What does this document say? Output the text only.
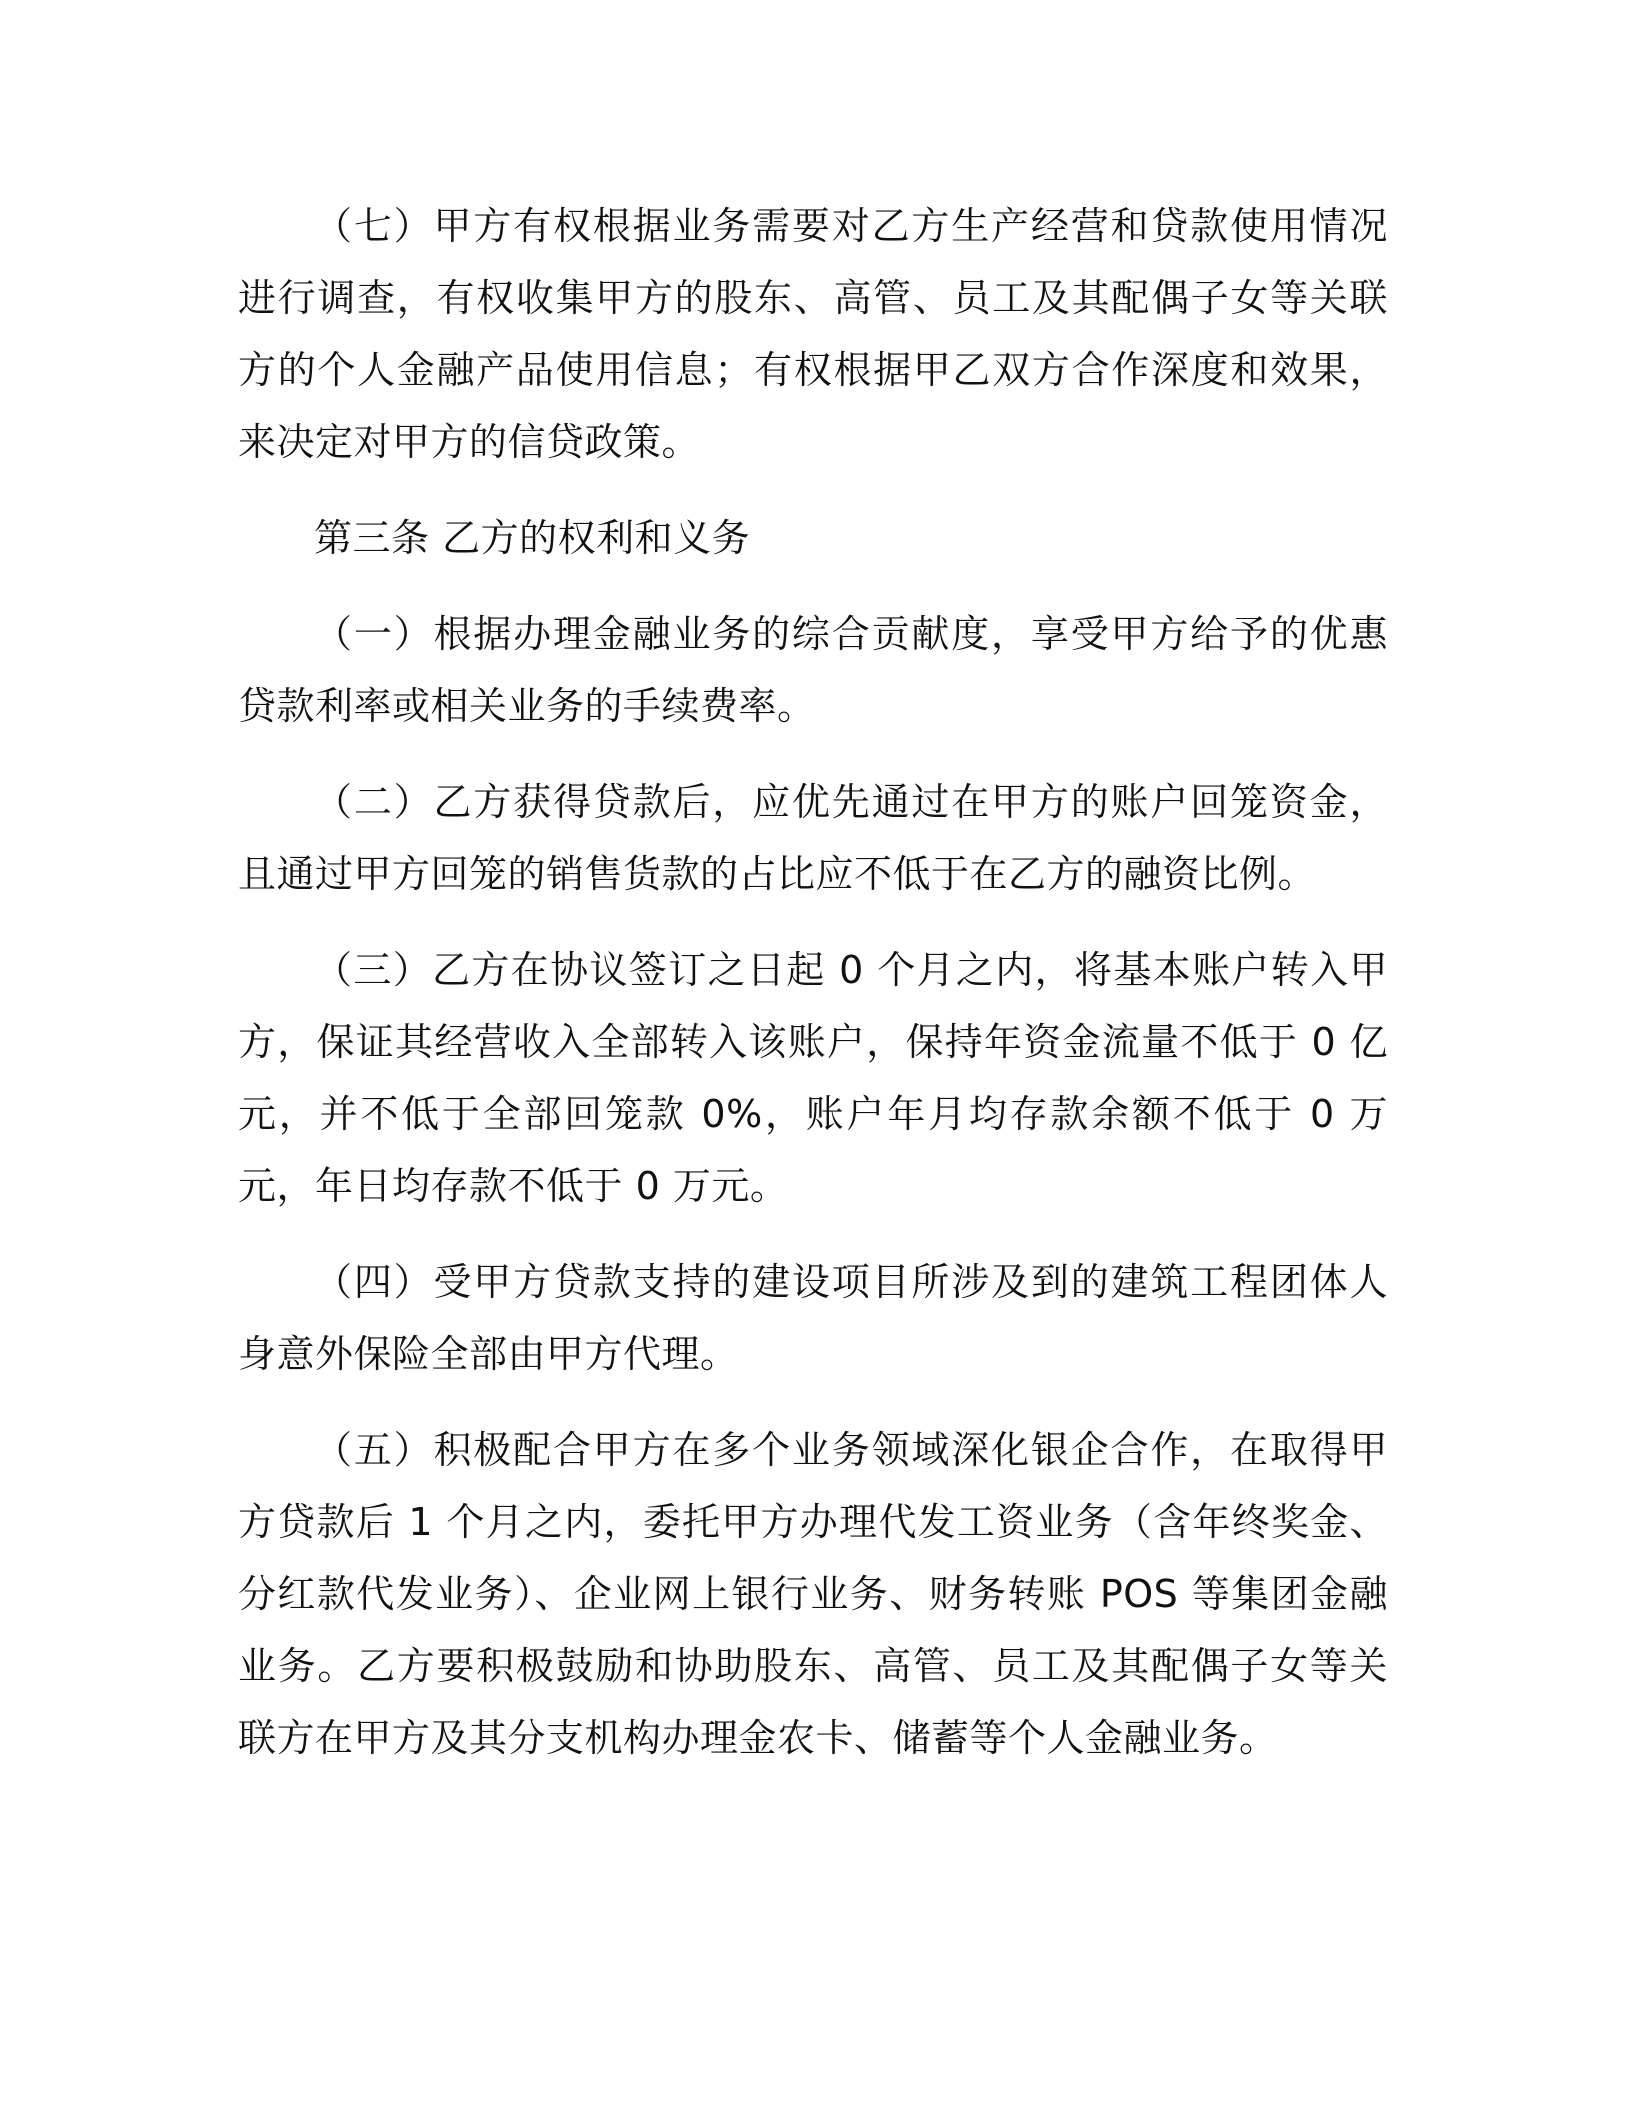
（七）甲方有权根据业务需要对乙方生产经营和贷款使用情况进行调查，有权收集甲方的股东、高管、员工及其配偶子女等关联方的个人金融产品使用信息；有权根据甲乙双方合作深度和效果，来决定对甲方的信贷政策。

第三条 乙方的权利和义务

（一）根据办理金融业务的综合贡献度，享受甲方给予的优惠贷款利率或相关业务的手续费率。

（二）乙方获得贷款后，应优先通过在甲方的账户回笼资金，且通过甲方回笼的销售货款的占比应不低于在乙方的融资比例。

（三）乙方在协议签订之日起 0 个月之内，将基本账户转入甲方，保证其经营收入全部转入该账户，保持年资金流量不低于 0 亿元，并不低于全部回笼款 0%，账户年月均存款余额不低于 0 万元，年日均存款不低于 0 万元。

（四）受甲方贷款支持的建设项目所涉及到的建筑工程团体人身意外保险全部由甲方代理。

（五）积极配合甲方在多个业务领域深化银企合作，在取得甲方贷款后 1 个月之内，委托甲方办理代发工资业务（含年终奖金、分红款代发业务）、企业网上银行业务、财务转账 POS 等集团金融业务。乙方要积极鼓励和协助股东、高管、员工及其配偶子女等关联方在甲方及其分支机构办理金农卡、储蓄等个人金融业务。
